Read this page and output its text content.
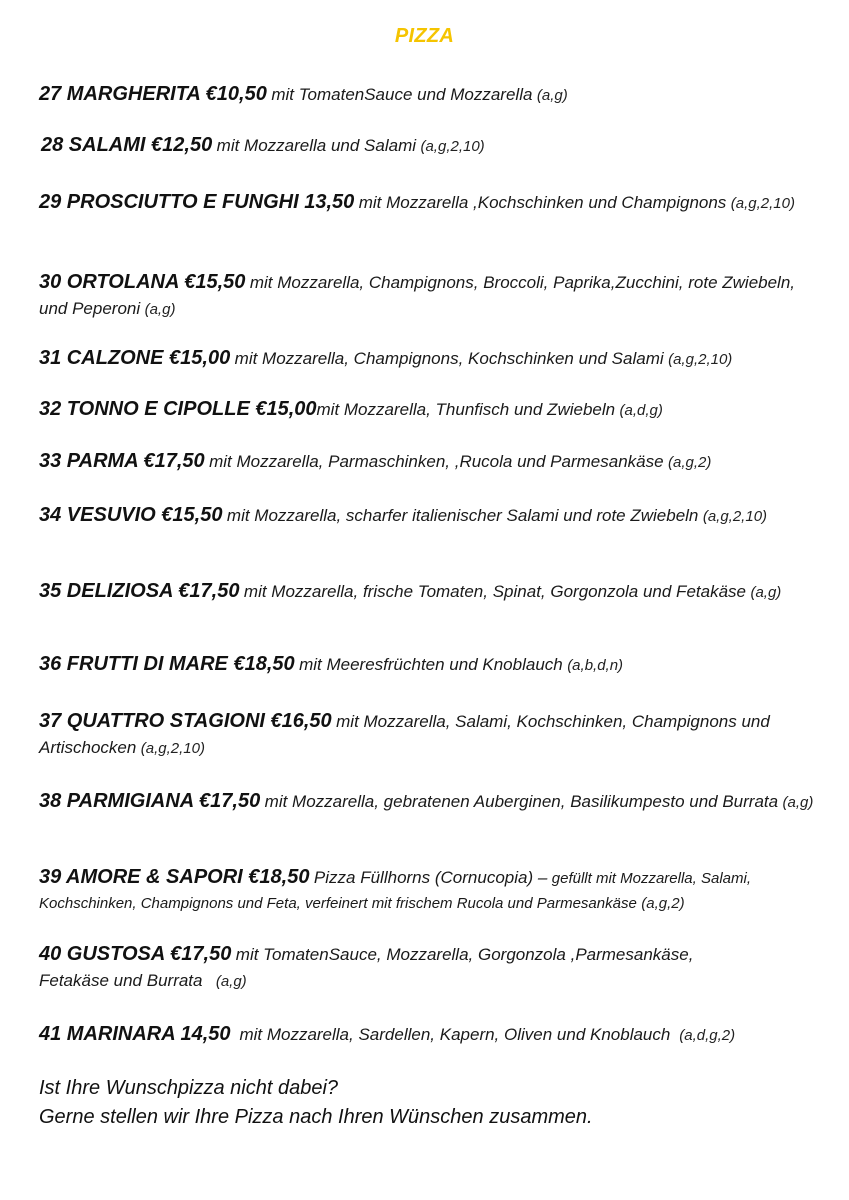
PIZZA
27 MARGHERITA €10,50 mit TomatenSauce und Mozzarella (a,g)
28 SALAMI €12,50 mit Mozzarella und Salami (a,g,2,10)
29 PROSCIUTTO E FUNGHI 13,50 mit Mozzarella ,Kochschinken und Champignons (a,g,2,10)
30 ORTOLANA €15,50 mit Mozzarella, Champignons, Broccoli, Paprika,Zucchini, rote Zwiebeln, und Peperoni (a,g)
31 CALZONE €15,00 mit Mozzarella, Champignons, Kochschinken und Salami (a,g,2,10)
32 TONNO E CIPOLLE €15,00mit Mozzarella, Thunfisch und Zwiebeln (a,d,g)
33 PARMA €17,50 mit Mozzarella, Parmaschinken, ,Rucola und Parmesankäse (a,g,2)
34 VESUVIO €15,50 mit Mozzarella, scharfer italienischer Salami und rote Zwiebeln (a,g,2,10)
35 DELIZIOSA €17,50 mit Mozzarella, frische Tomaten, Spinat, Gorgonzola und Fetakäse (a,g)
36 FRUTTI DI MARE €18,50 mit Meeresfrüchten und Knoblauch (a,b,d,n)
37 QUATTRO STAGIONI €16,50 mit Mozzarella, Salami, Kochschinken, Champignons und Artischocken (a,g,2,10)
38 PARMIGIANA €17,50 mit Mozzarella, gebratenen Auberginen, Basilikumpesto und Burrata (a,g)
39 AMORE & SAPORI €18,50 Pizza Füllhorns (Cornucopia) – gefüllt mit Mozzarella, Salami, Kochschinken, Champignons und Feta, verfeinert mit frischem Rucola und Parmesankäse (a,g,2)
40 GUSTOSA €17,50 mit TomatenSauce, Mozzarella, Gorgonzola ,Parmesankäse, Fetakäse und Burrata (a,g)
41 MARINARA 14,50 mit Mozzarella, Sardellen, Kapern, Oliven und Knoblauch (a,d,g,2)
Ist Ihre Wunschpizza nicht dabei?
Gerne stellen wir Ihre Pizza nach Ihren Wünschen zusammen.
